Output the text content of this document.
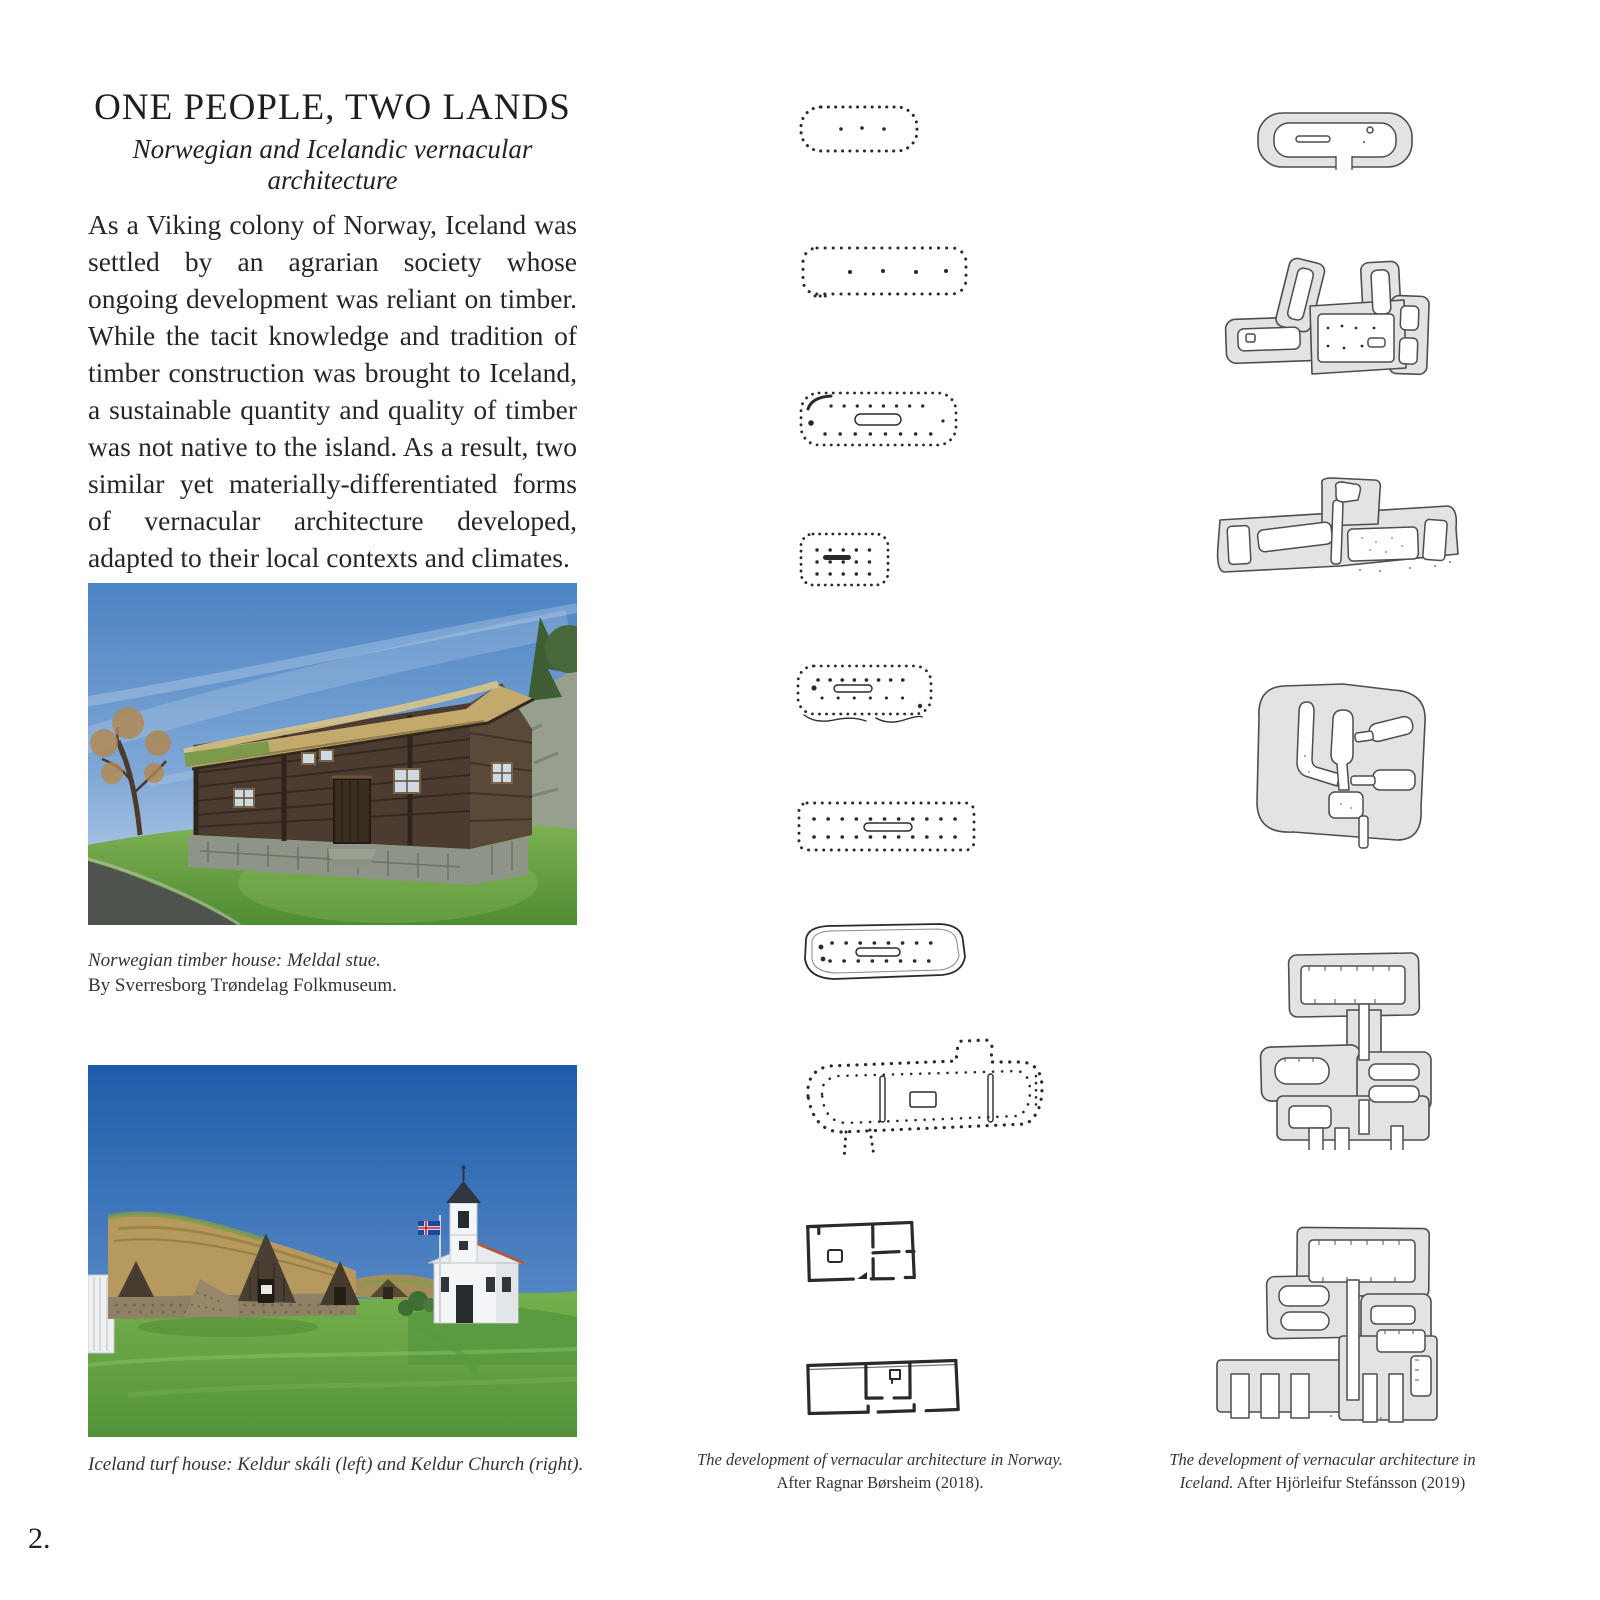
ONE PEOPLE, TWO LANDS
Norwegian and Icelandic vernacular architecture
As a Viking colony of Norway, Iceland was settled by an agrarian society whose ongoing development was reliant on timber. While the tacit knowledge and tradition of timber construction was brought to Iceland, a sustainable quantity and quality of timber was not native to the island. As a result, two similar yet materially-differentiated forms of vernacular architecture developed, adapted to their local contexts and climates.
Norwegian timber house: Meldal stue.
By Sverresborg Trøndelag Folkmuseum.
Iceland turf house: Keldur skáli (left) and Keldur Church (right).
2.
The development of vernacular architecture in Norway.
After Ragnar Børsheim (2018).
The development of vernacular architecture in
Iceland. After Hjörleifur Stefánsson (2019)
